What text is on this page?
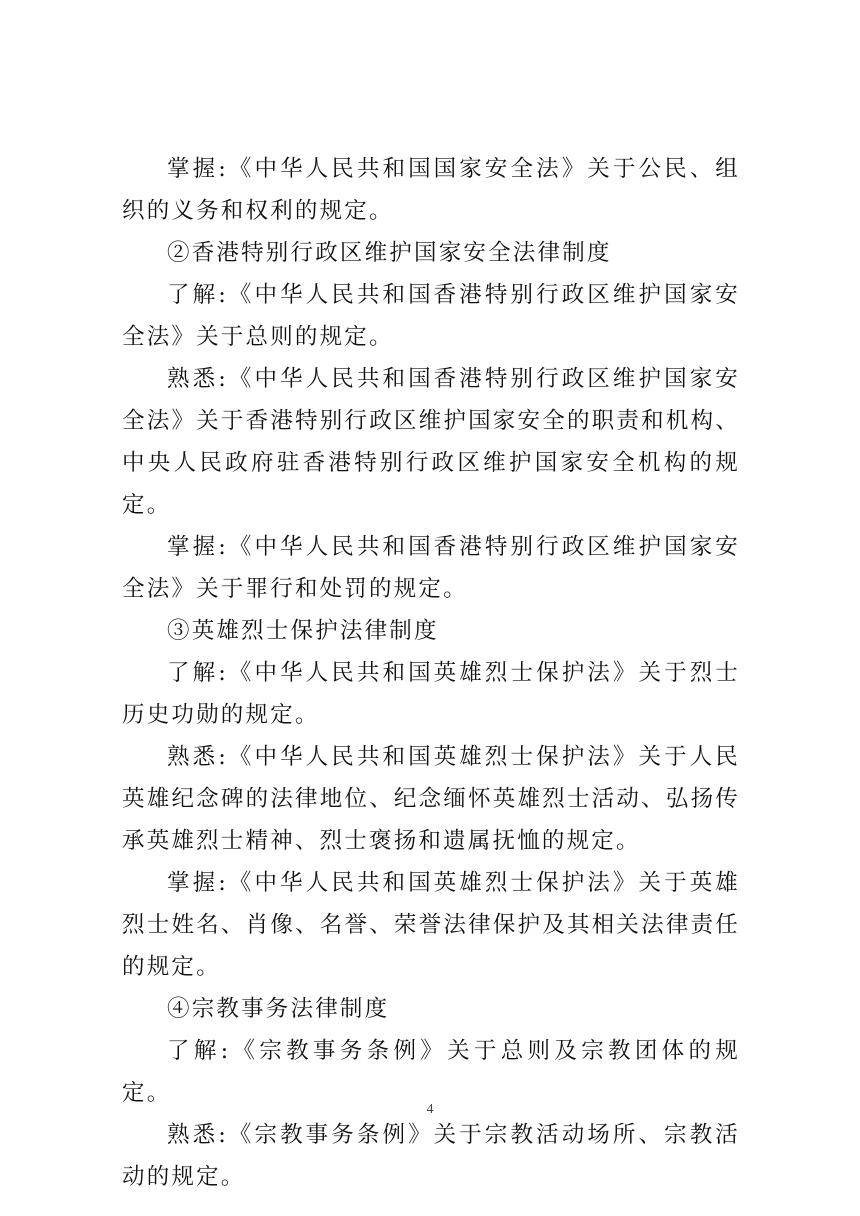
掌握:《中华人民共和国国家安全法》关于公民、组织的义务和权利的规定。

②香港特别行政区维护国家安全法律制度

了解:《中华人民共和国香港特别行政区维护国家安全法》关于总则的规定。

熟悉:《中华人民共和国香港特别行政区维护国家安全法》关于香港特别行政区维护国家安全的职责和机构、中央人民政府驻香港特别行政区维护国家安全机构的规定。

掌握:《中华人民共和国香港特别行政区维护国家安全法》关于罪行和处罚的规定。

③英雄烈士保护法律制度

了解:《中华人民共和国英雄烈士保护法》关于烈士历史功勋的规定。

熟悉:《中华人民共和国英雄烈士保护法》关于人民英雄纪念碑的法律地位、纪念缅怀英雄烈士活动、弘扬传承英雄烈士精神、烈士褒扬和遗属抚恤的规定。

掌握:《中华人民共和国英雄烈士保护法》关于英雄烈士姓名、肖像、名誉、荣誉法律保护及其相关法律责任的规定。

④宗教事务法律制度

了解:《宗教事务条例》关于总则及宗教团体的规定。

熟悉:《宗教事务条例》关于宗教活动场所、宗教活动的规定。

4
